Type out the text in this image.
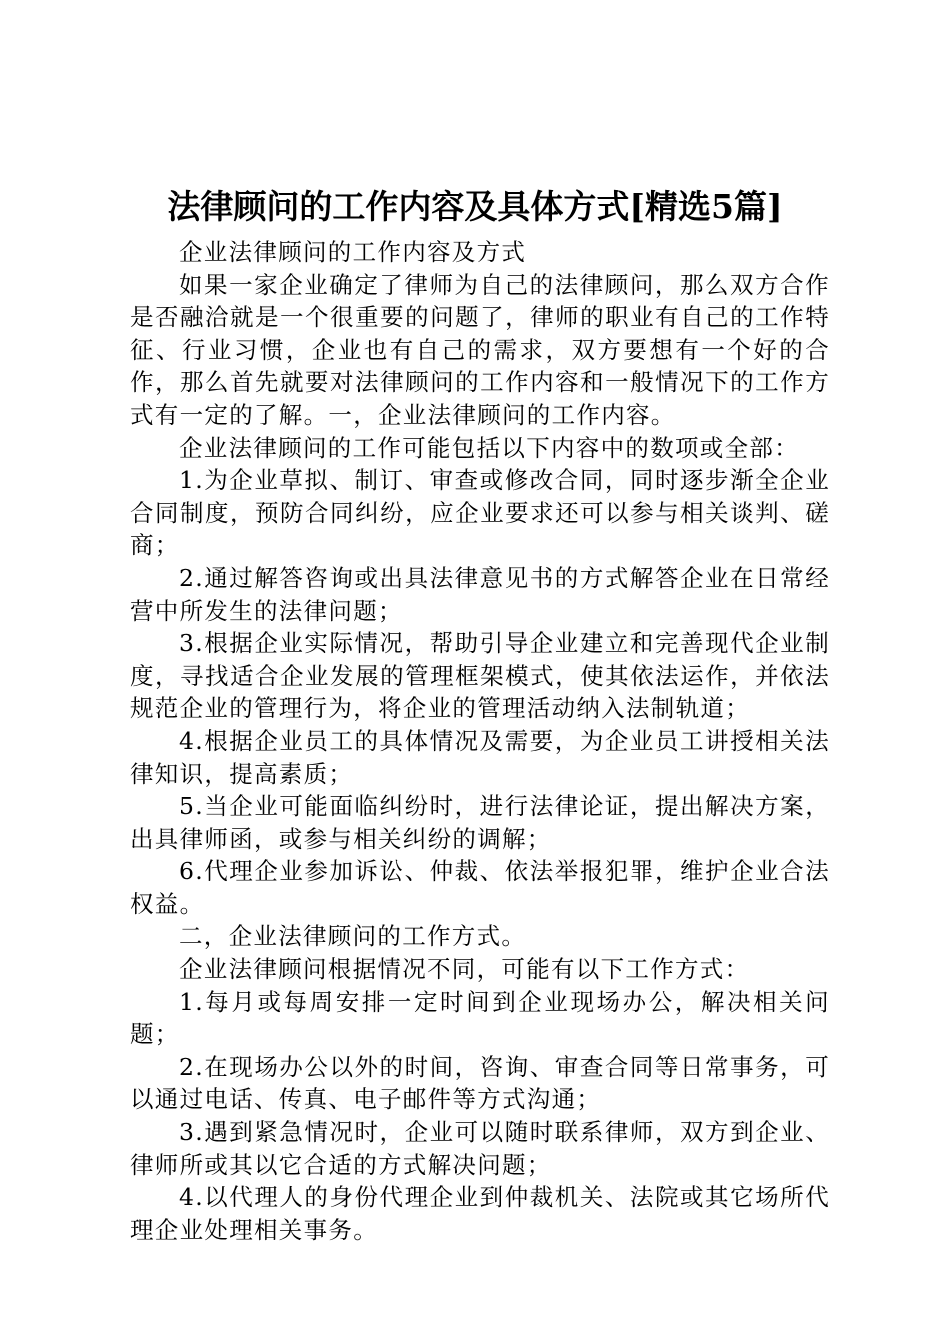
法律顾问的工作内容及具体方式[精选5篇]

企业法律顾问的工作内容及方式

如果一家企业确定了律师为自己的法律顾问，那么双方合作是否融洽就是一个很重要的问题了，律师的职业有自己的工作特征、行业习惯，企业也有自己的需求，双方要想有一个好的合作，那么首先就要对法律顾问的工作内容和一般情况下的工作方式有一定的了解。一，企业法律顾问的工作内容。

企业法律顾问的工作可能包括以下内容中的数项或全部：

1.为企业草拟、制订、审查或修改合同，同时逐步渐全企业合同制度，预防合同纠纷，应企业要求还可以参与相关谈判、磋商；

2.通过解答咨询或出具法律意见书的方式解答企业在日常经营中所发生的法律问题；

3.根据企业实际情况，帮助引导企业建立和完善现代企业制度，寻找适合企业发展的管理框架模式，使其依法运作，并依法规范企业的管理行为，将企业的管理活动纳入法制轨道；

4.根据企业员工的具体情况及需要，为企业员工讲授相关法律知识，提高素质；

5.当企业可能面临纠纷时，进行法律论证，提出解决方案，出具律师函，或参与相关纠纷的调解；

6.代理企业参加诉讼、仲裁、依法举报犯罪，维护企业合法权益。

二，企业法律顾问的工作方式。

企业法律顾问根据情况不同，可能有以下工作方式：

1.每月或每周安排一定时间到企业现场办公，解决相关问题；

2.在现场办公以外的时间，咨询、审查合同等日常事务，可以通过电话、传真、电子邮件等方式沟通；

3.遇到紧急情况时，企业可以随时联系律师，双方到企业、律师所或其以它合适的方式解决问题；

4.以代理人的身份代理企业到仲裁机关、法院或其它场所代理企业处理相关事务。
